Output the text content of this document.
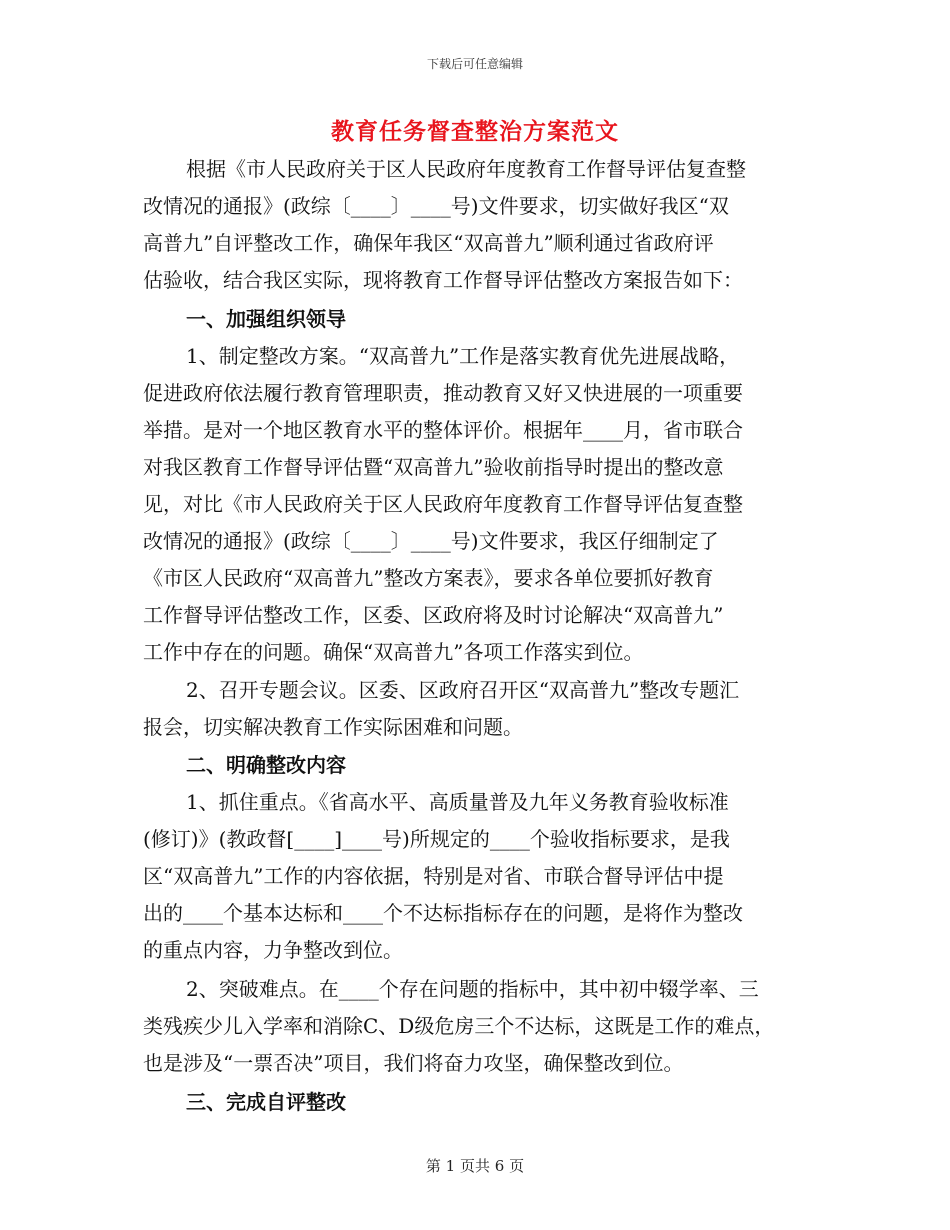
下载后可任意编辑
教育任务督查整治方案范文
根据《市人民政府关于区人民政府年度教育工作督导评估复查整
改情况的通报》(政综〔____〕____号)文件要求，切实做好我区“双
高普九”自评整改工作，确保年我区“双高普九”顺利通过省政府评
估验收，结合我区实际，现将教育工作督导评估整改方案报告如下：
一、加强组织领导
1、制定整改方案。“双高普九”工作是落实教育优先进展战略，
促进政府依法履行教育管理职责，推动教育又好又快进展的一项重要
举措。是对一个地区教育水平的整体评价。根据年____月，省市联合
对我区教育工作督导评估暨“双高普九”验收前指导时提出的整改意
见，对比《市人民政府关于区人民政府年度教育工作督导评估复查整
改情况的通报》(政综〔____〕____号)文件要求，我区仔细制定了
《市区人民政府“双高普九”整改方案表》，要求各单位要抓好教育
工作督导评估整改工作，区委、区政府将及时讨论解决“双高普九”
工作中存在的问题。确保“双高普九”各项工作落实到位。
2、召开专题会议。区委、区政府召开区“双高普九”整改专题汇
报会，切实解决教育工作实际困难和问题。
二、明确整改内容
1、抓住重点。《省高水平、高质量普及九年义务教育验收标准
(修订)》(教政督[____]____号)所规定的____个验收指标要求，是我
区“双高普九”工作的内容依据，特别是对省、市联合督导评估中提
出的____个基本达标和____个不达标指标存在的问题，是将作为整改
的重点内容，力争整改到位。
2、突破难点。在____个存在问题的指标中，其中初中辍学率、三
类残疾少儿入学率和消除C、D级危房三个不达标，这既是工作的难点，
也是涉及“一票否决”项目，我们将奋力攻坚，确保整改到位。
三、完成自评整改
第 1 页共 6 页
